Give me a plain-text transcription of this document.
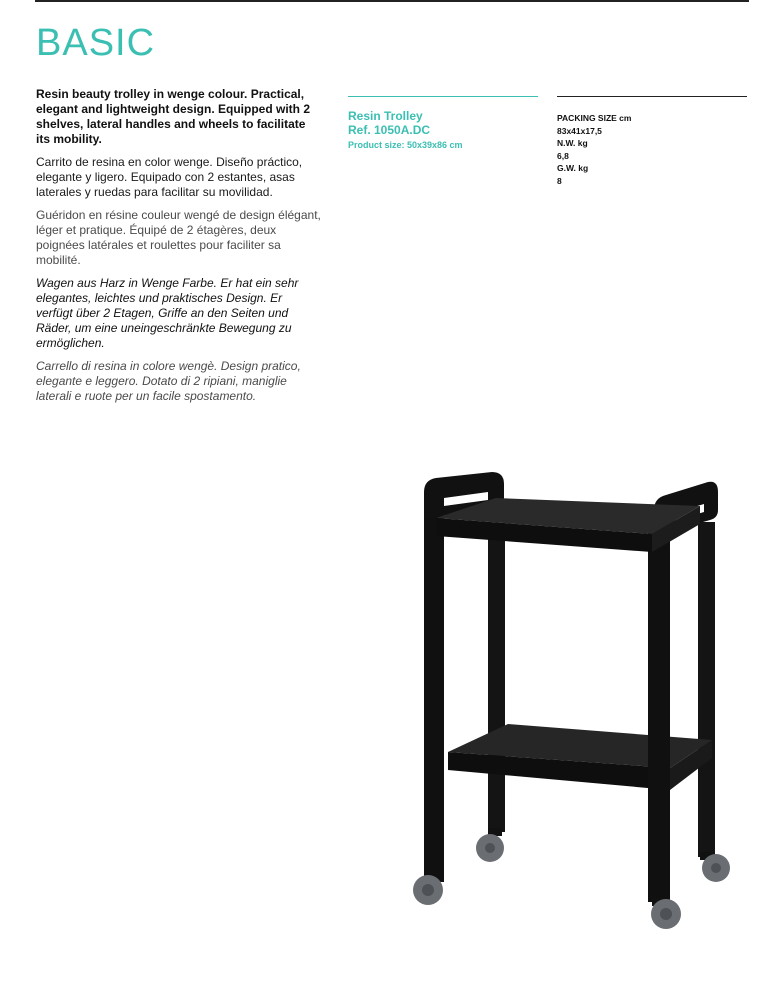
BASIC

Resin beauty trolley in wenge colour. Practical, elegant and lightweight design. Equipped with 2 shelves, lateral handles and wheels to facilitate its mobility.

Carrito de resina en color wenge. Diseño práctico, elegante y ligero. Equipado con 2 estantes, asas laterales y ruedas para facilitar su movilidad.

Guéridon en résine couleur wengé de design élégant, léger et pratique. Équipé de 2 étagères, deux poignées latérales et roulettes pour faciliter sa mobilité.

Wagen aus Harz in Wenge Farbe. Er hat ein sehr elegantes, leichtes und praktisches Design. Er verfügt über 2 Etagen, Griffe an den Seiten und Räder, um eine uneingeschränkte Bewegung zu ermöglichen.

Carrello di resina in colore wengè. Design pratico, elegante e leggero. Dotato di 2 ripiani, maniglie laterali e ruote per un facile spostamento.

Resin Trolley
Ref. 1050A.DC
Product size: 50x39x86 cm
PACKING SIZE cm
83x41x17,5
N.W. kg
6,8
G.W. kg
8
